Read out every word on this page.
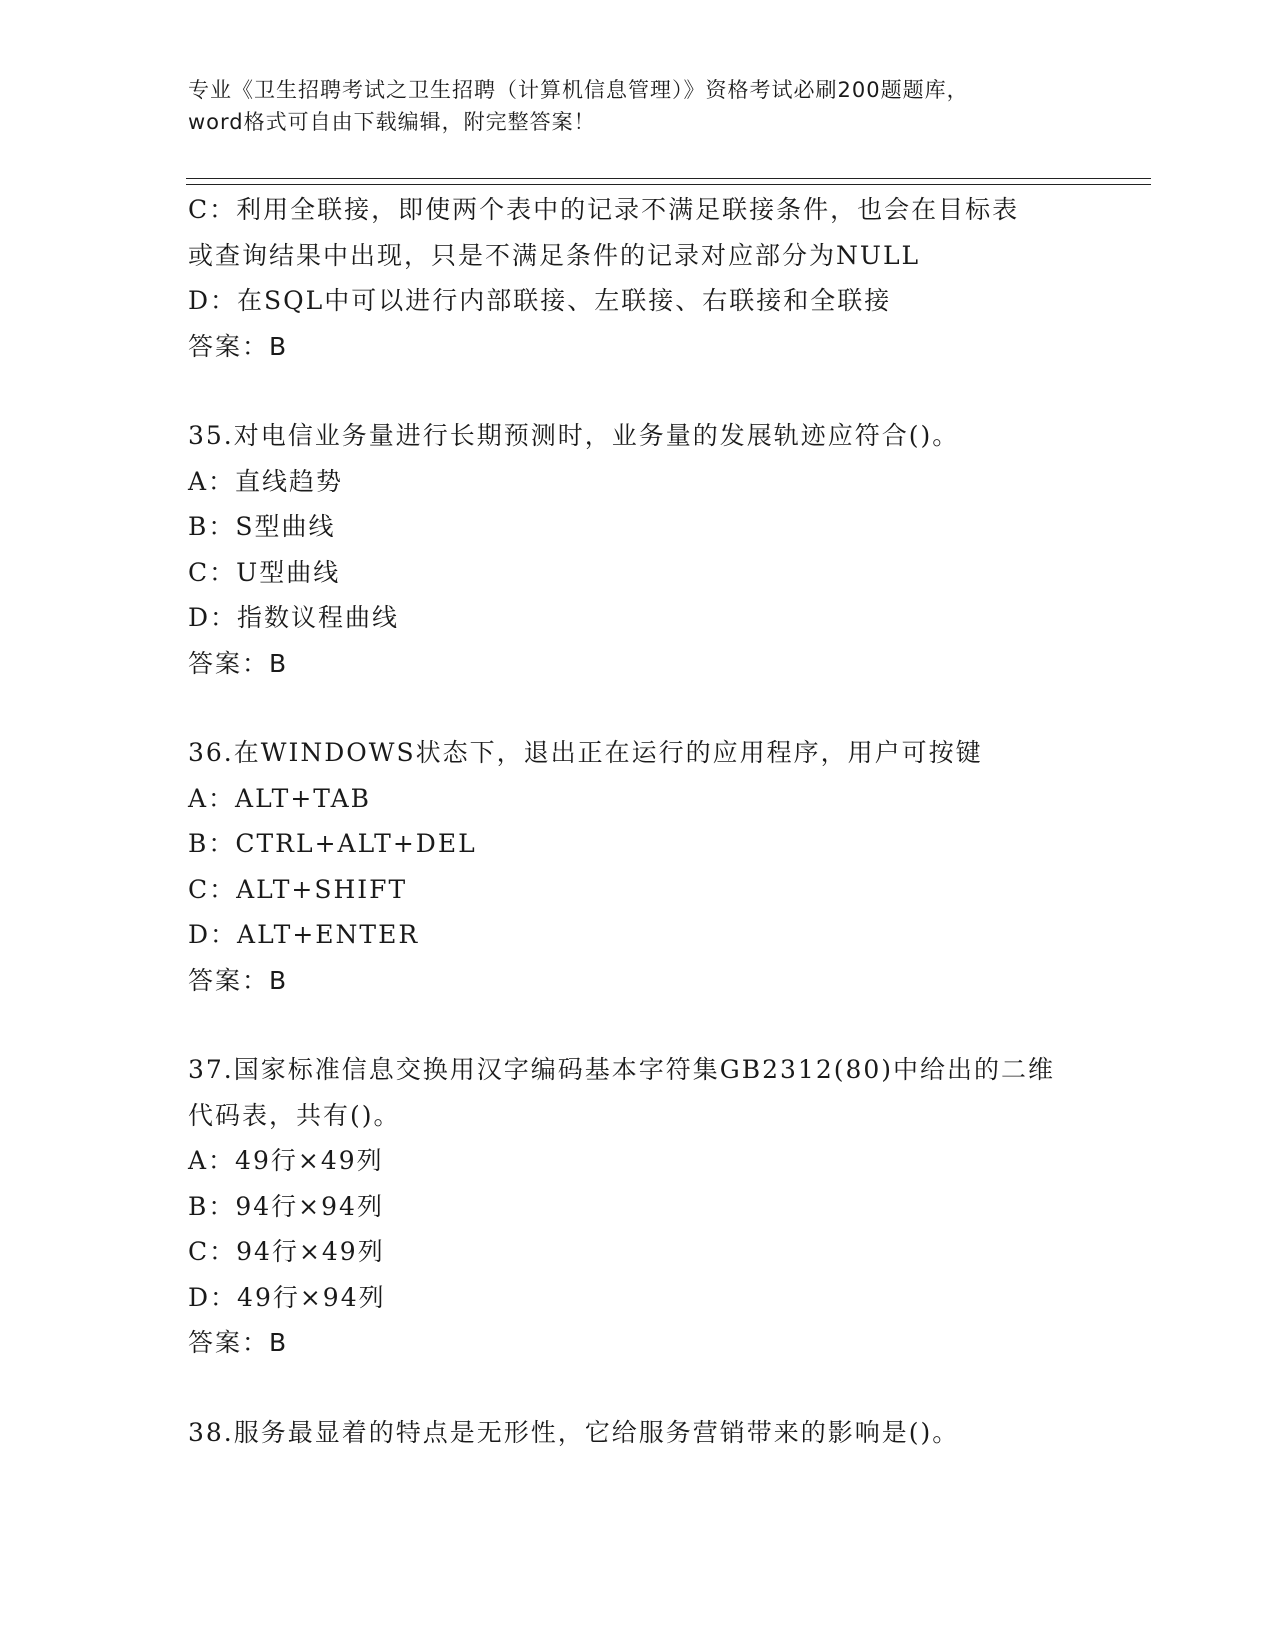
专业《卫生招聘考试之卫生招聘（计算机信息管理）》资格考试必刷200题题库，
word格式可自由下载编辑，附完整答案！
C：利用全联接，即使两个表中的记录不满足联接条件，也会在目标表
或查询结果中出现，只是不满足条件的记录对应部分为NULL
D：在SQL中可以进行内部联接、左联接、右联接和全联接
答案：B
35.对电信业务量进行长期预测时，业务量的发展轨迹应符合()。
A：直线趋势
B：S型曲线
C：U型曲线
D：指数议程曲线
答案：B
36.在WINDOWS状态下，退出正在运行的应用程序，用户可按键
A：ALT+TAB
B：CTRL+ALT+DEL
C：ALT+SHIFT
D：ALT+ENTER
答案：B
37.国家标准信息交换用汉字编码基本字符集GB2312(80)中给出的二维
代码表，共有()。
A：49行×49列
B：94行×94列
C：94行×49列
D：49行×94列
答案：B
38.服务最显着的特点是无形性，它给服务营销带来的影响是()。
